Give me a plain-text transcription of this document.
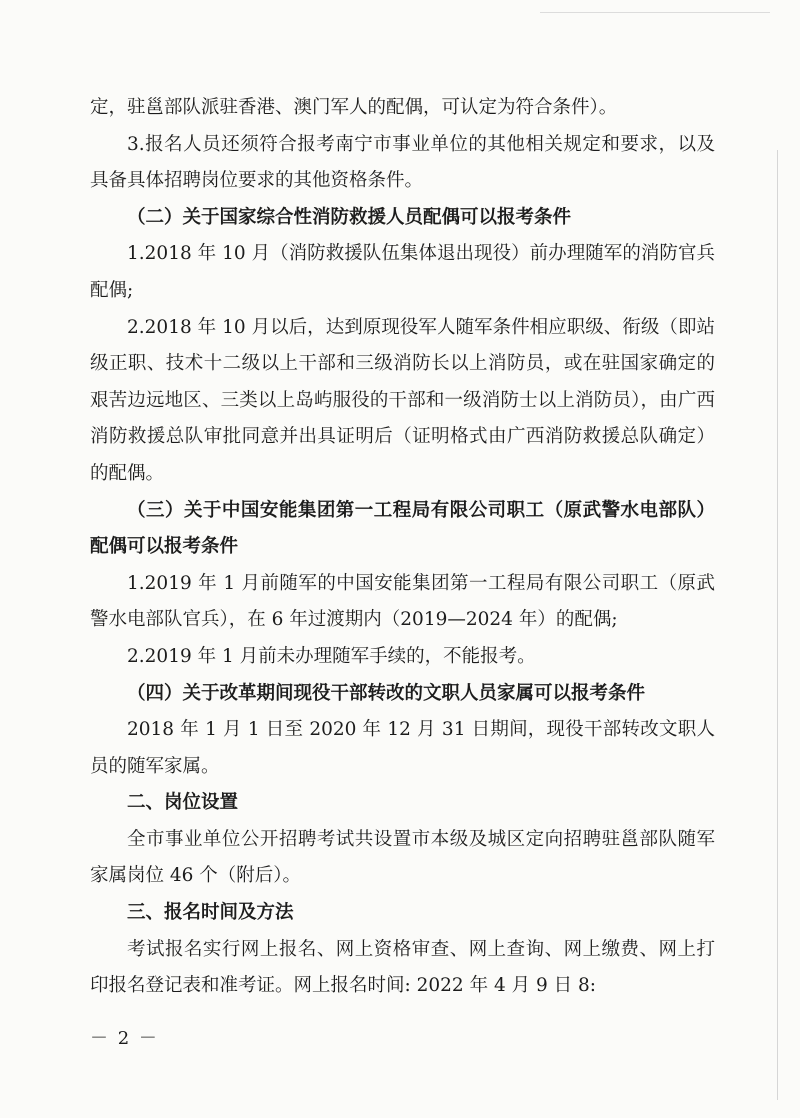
定，驻邕部队派驻香港、澳门军人的配偶，可认定为符合条件）。

3.报名人员还须符合报考南宁市事业单位的其他相关规定和要求，以及具备具体招聘岗位要求的其他资格条件。

（二）关于国家综合性消防救援人员配偶可以报考条件

1.2018 年 10 月（消防救援队伍集体退出现役）前办理随军的消防官兵配偶;

2.2018 年 10 月以后，达到原现役军人随军条件相应职级、衔级（即站级正职、技术十二级以上干部和三级消防长以上消防员，或在驻国家确定的艰苦边远地区、三类以上岛屿服役的干部和一级消防士以上消防员），由广西消防救援总队审批同意并出具证明后（证明格式由广西消防救援总队确定）的配偶。

（三）关于中国安能集团第一工程局有限公司职工（原武警水电部队）配偶可以报考条件

1.2019 年 1 月前随军的中国安能集团第一工程局有限公司职工（原武警水电部队官兵），在 6 年过渡期内（2019—2024 年）的配偶;

2.2019 年 1 月前未办理随军手续的，不能报考。

（四）关于改革期间现役干部转改的文职人员家属可以报考条件

2018 年 1 月 1 日至 2020 年 12 月 31 日期间，现役干部转改文职人员的随军家属。

二、岗位设置

全市事业单位公开招聘考试共设置市本级及城区定向招聘驻邕部队随军家属岗位 46 个（附后）。

三、报名时间及方法

考试报名实行网上报名、网上资格审查、网上查询、网上缴费、网上打印报名登记表和准考证。网上报名时间: 2022 年 4 月 9 日 8:

－ 2 －
